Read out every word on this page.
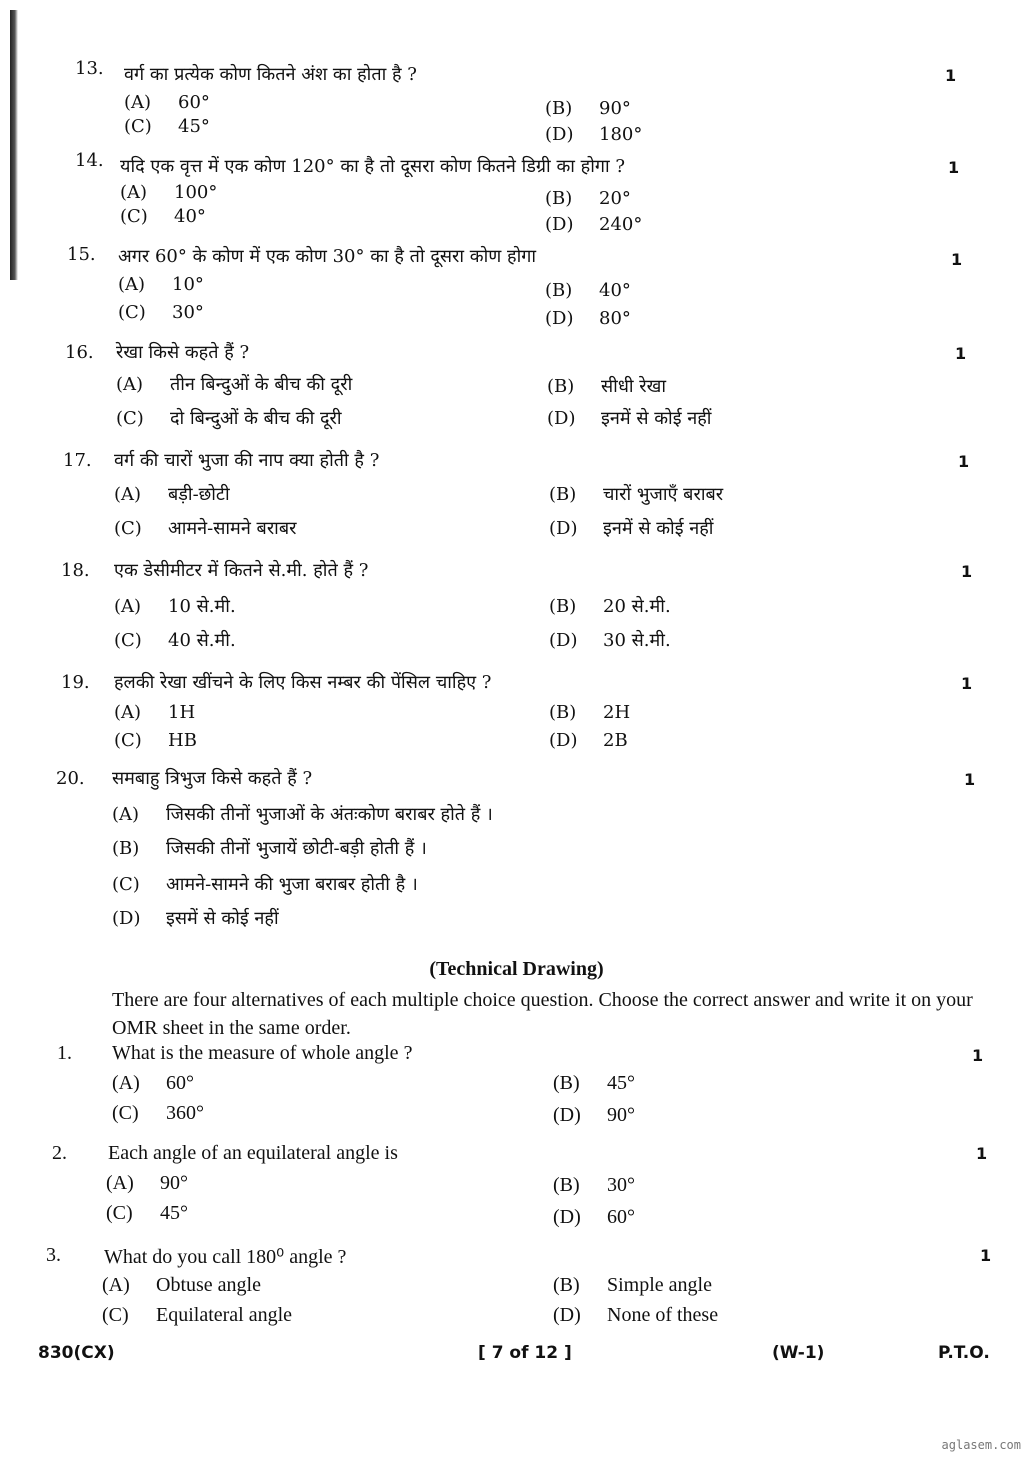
13. वर्ग का प्रत्येक कोण कितने अंश का होता है ?	1
(A) 60°	(B) 90°
(C) 45°	(D) 180°
14. यदि एक वृत्त में एक कोण 120° का है तो दूसरा कोण कितने डिग्री का होगा ?	1
(A) 100°	(B) 20°
(C) 40°	(D) 240°
15. अगर 60° के कोण में एक कोण 30° का है तो दूसरा कोण होगा	1
(A) 10°	(B) 40°
(C) 30°	(D) 80°
16. रेखा किसे कहते हैं ?	1
(A) तीन बिन्दुओं के बीच की दूरी	(B) सीधी रेखा
(C) दो बिन्दुओं के बीच की दूरी	(D) इनमें से कोई नहीं
17. वर्ग की चारों भुजा की नाप क्या होती है ?	1
(A) बड़ी-छोटी	(B) चारों भुजाएँ बराबर
(C) आमने-सामने बराबर	(D) इनमें से कोई नहीं
18. एक डेसीमीटर में कितने से.मी. होते हैं ?	1
(A) 10 से.मी.	(B) 20 से.मी.
(C) 40 से.मी.	(D) 30 से.मी.
19. हलकी रेखा खींचने के लिए किस नम्बर की पेंसिल चाहिए ?	1
(A) 1H	(B) 2H
(C) HB	(D) 2B
20. समबाहु त्रिभुज किसे कहते हैं ?	1
(A) जिसकी तीनों भुजाओं के अंतःकोण बराबर होते हैं ।
(B) जिसकी तीनों भुजायें छोटी-बड़ी होती हैं ।
(C) आमने-सामने की भुजा बराबर होती है ।
(D) इसमें से कोई नहीं
(Technical Drawing)
There are four alternatives of each multiple choice question. Choose the correct answer and write it on your OMR sheet in the same order.
1. What is the measure of whole angle ?	1
(A) 60°	(B) 45°
(C) 360°	(D) 90°
2. Each angle of an equilateral angle is	1
(A) 90°	(B) 30°
(C) 45°	(D) 60°
3. What do you call 180⁰ angle ?	1
(A) Obtuse angle	(B) Simple angle
(C) Equilateral angle	(D) None of these
830(CX)	[ 7 of 12 ]	(W-1)	P.T.O.
aglasem.com
